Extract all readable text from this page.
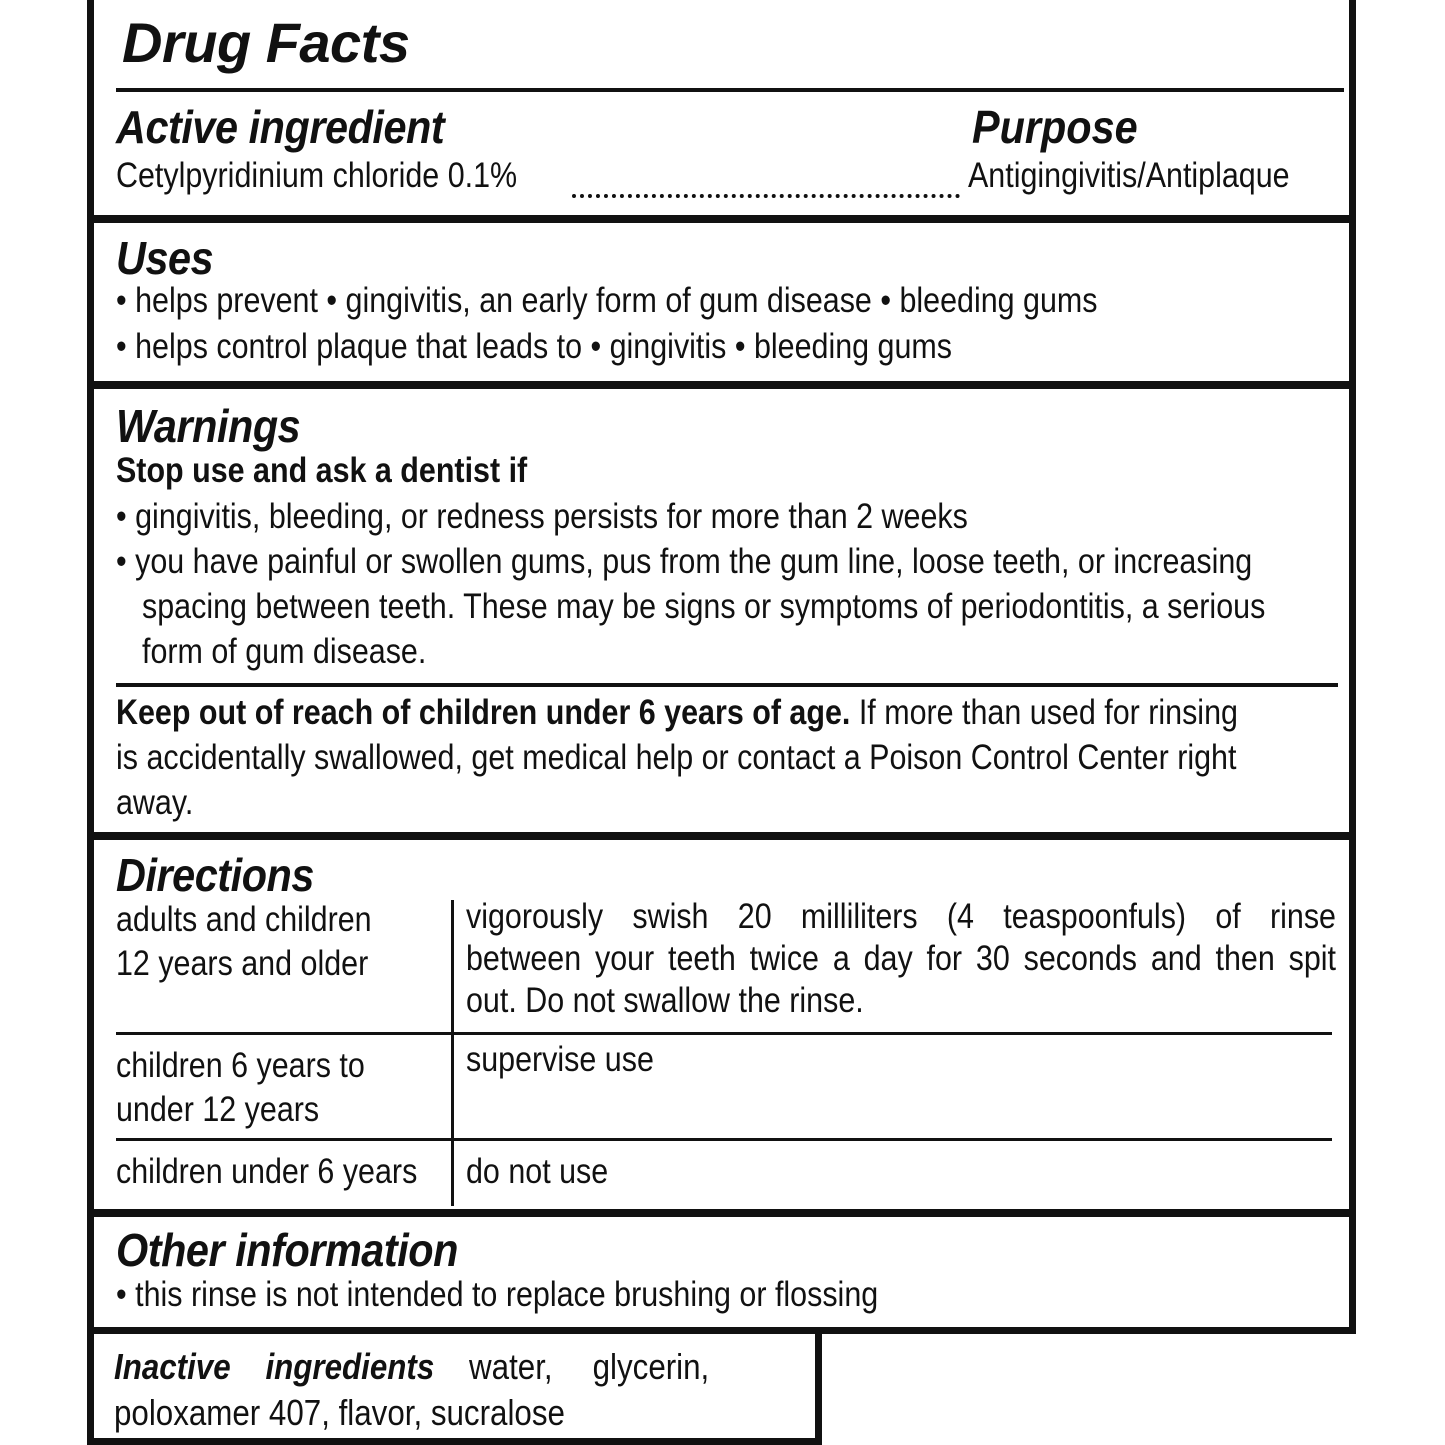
Drug Facts
Active ingredient	Purpose
Cetylpyridinium chloride 0.1%	Antigingivitis/Antiplaque
Uses
• helps prevent • gingivitis, an early form of gum disease • bleeding gums
• helps control plaque that leads to • gingivitis • bleeding gums
Warnings
Stop use and ask a dentist if
• gingivitis, bleeding, or redness persists for more than 2 weeks
• you have painful or swollen gums, pus from the gum line, loose teeth, or increasing
spacing between teeth. These may be signs or symptoms of periodontitis, a serious
form of gum disease.
Keep out of reach of children under 6 years of age. If more than used for rinsing
is accidentally swallowed, get medical help or contact a Poison Control Center right
away.
Directions
adults and children
12 years and older
vigorously swish 20 milliliters (4 teaspoonfuls) of rinse
between your teeth twice a day for 30 seconds and then spit
out. Do not swallow the rinse.
children 6 years to
under 12 years
supervise use
children under 6 years do not use
Other information
• this rinse is not intended to replace brushing or flossing
Inactive ingredients water, glycerin,
poloxamer 407, flavor, sucralose
